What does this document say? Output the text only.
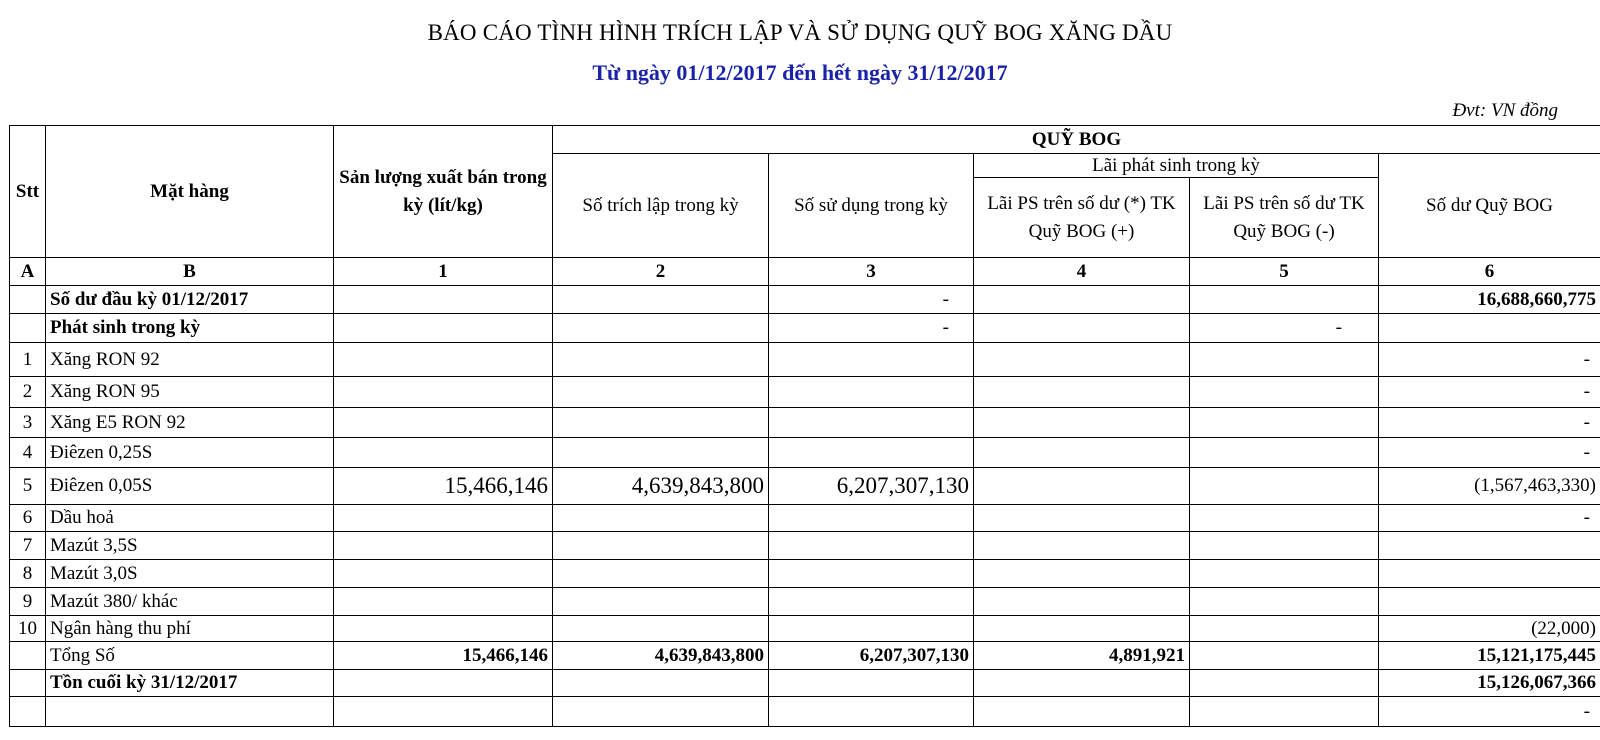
BÁO CÁO TÌNH HÌNH TRÍCH LẬP VÀ SỬ DỤNG QUỸ BOG XĂNG DẦU
Từ ngày 01/12/2017 đến hết ngày 31/12/2017
Đvt: VN đồng
Stt	Mặt hàng	Sản lượng xuất bán trong kỳ (lít/kg)	QUỸ BOG				
			Số trích lập trong kỳ	Số sử dụng trong kỳ	Lãi phát sinh trong kỳ		Số dư Quỹ BOG
					Lãi PS trên số dư (*) TK Quỹ BOG (+)	Lãi PS trên số dư TK Quỹ BOG (-)	
A	B	1	2	3	4	5	6
	Số dư đầu kỳ 01/12/2017			-			16,688,660,775
	Phát sinh trong kỳ			-		-	
1	Xăng RON 92						-
2	Xăng RON 95						-
3	Xăng E5 RON 92						-
4	Điêzen 0,25S						-
5	Điêzen 0,05S	15,466,146	4,639,843,800	6,207,307,130			(1,567,463,330)
6	Dầu hoả						-
7	Mazút 3,5S						
8	Mazút 3,0S						
9	Mazút 380/ khác						
10	Ngân hàng thu phí						(22,000)
	Tổng Số	15,466,146	4,639,843,800	6,207,307,130	4,891,921		15,121,175,445
	Tồn cuối kỳ 31/12/2017						15,126,067,366
							-
